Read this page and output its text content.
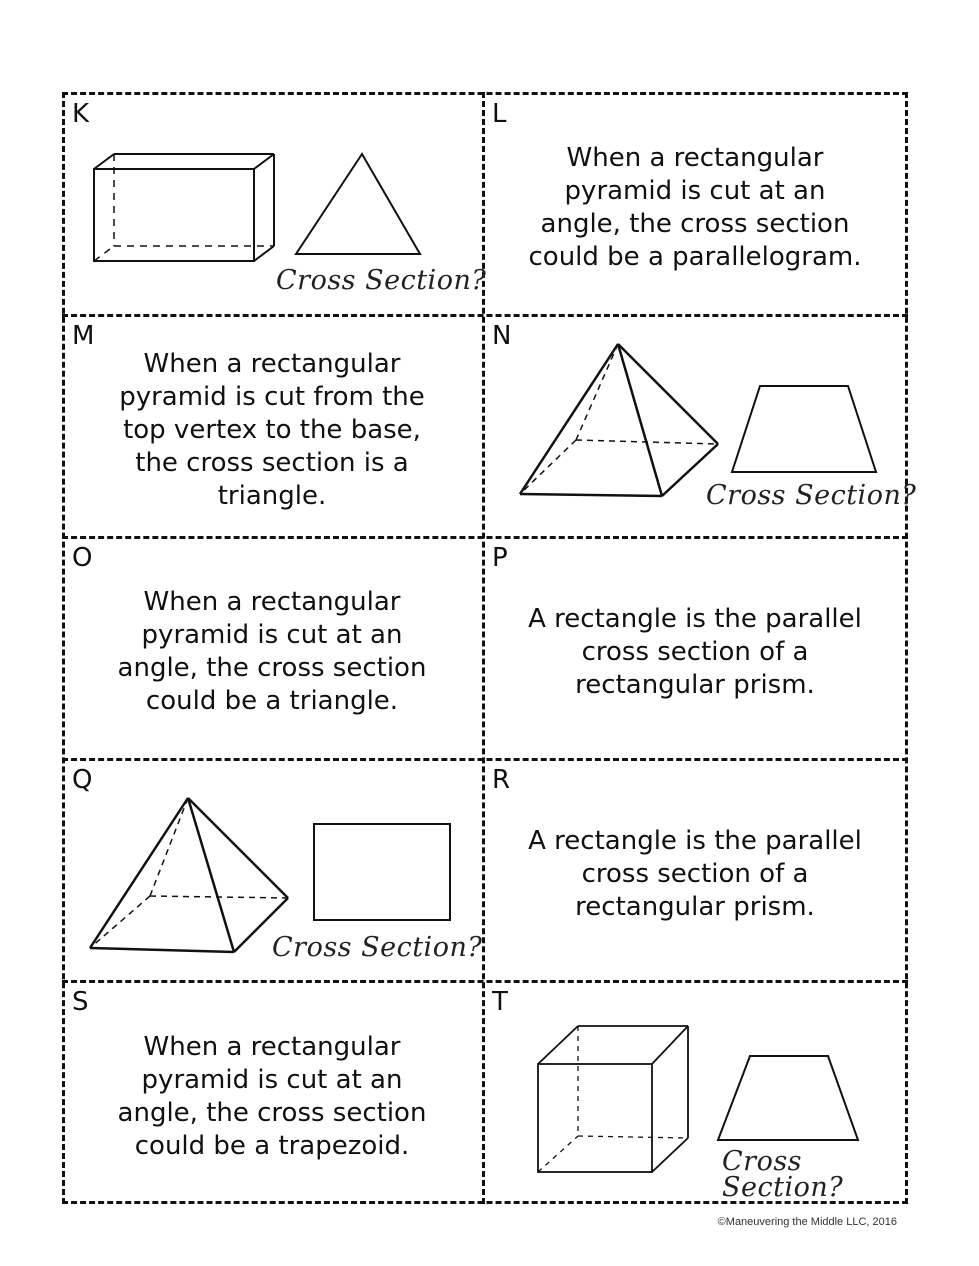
K
Cross Section?
L
When a rectangular pyramid is cut at an angle, the cross section could be a parallelogram.
M
When a rectangular pyramid is cut from the top vertex to the base, the cross section is a triangle.
N
Cross Section?
O
When a rectangular pyramid is cut at an angle, the cross section could be a triangle.
P
A rectangle is the parallel cross section of a rectangular prism.
Q
Cross Section?
R
A rectangle is the parallel cross section of a rectangular prism.
S
When a rectangular pyramid is cut at an angle, the cross section could be a trapezoid.
T
Cross
Section?
©Maneuvering the Middle LLC, 2016
